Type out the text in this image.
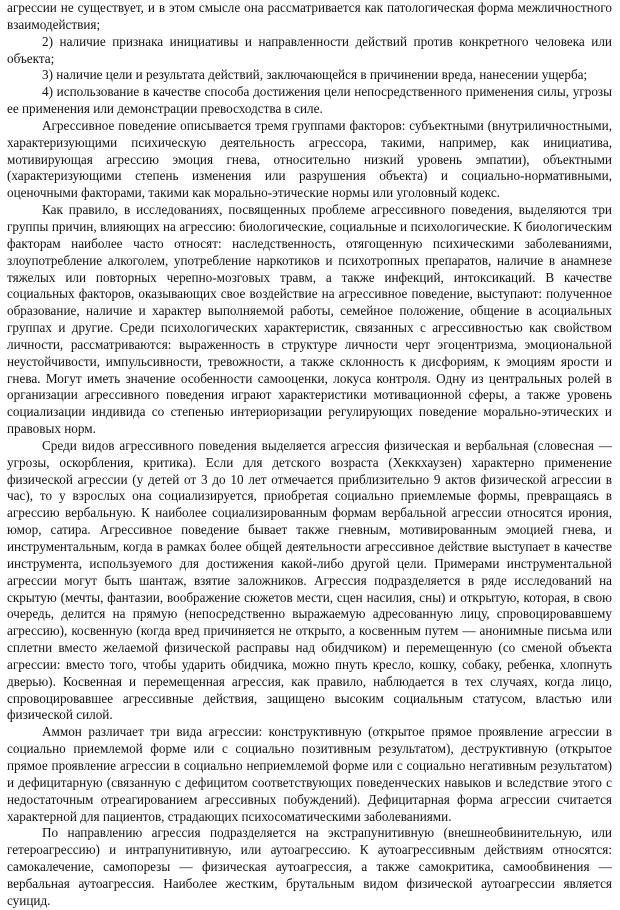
агрессии не существует, и в этом смысле она рассматривается как патологическая форма межличностного взаимодействия;

2) наличие признака инициативы и направленности действий против конкретного человека или объекта;

3) наличие цели и результата действий, заключающейся в причинении вреда, нанесении ущерба;

4) использование в качестве способа достижения цели непосредственного применения силы, угрозы ее применения или демонстрации превосходства в силе.

Агрессивное поведение описывается тремя группами факторов: субъектными (внутриличностными, характеризующими психическую деятельность агрессора, такими, например, как инициатива, мотивирующая агрессию эмоция гнева, относительно низкий уровень эмпатии), объектными (характеризующими степень изменения или разрушения объекта) и социально-нормативными, оценочными факторами, такими как морально-этические нормы или уголовный кодекс.

Как правило, в исследованиях, посвященных проблеме агрессивного поведения, выделяются три группы причин, влияющих на агрессию: биологические, социальные и психологические. К биологическим факторам наиболее часто относят: наследственность, отягощенную психическими заболеваниями, злоупотребление алкоголем, употребление наркотиков и психотропных препаратов, наличие в анамнезе тяжелых или повторных черепно-мозговых травм, а также инфекций, интоксикаций. В качестве социальных факторов, оказывающих свое воздействие на агрессивное поведение, выступают: полученное образование, наличие и характер выполняемой работы, семейное положение, общение в асоциальных группах и другие. Среди психологических характеристик, связанных с агрессивностью как свойством личности, рассматриваются: выраженность в структуре личности черт эгоцентризма, эмоциональной неустойчивости, импульсивности, тревожности, а также склонность к дисфориям, к эмоциям ярости и гнева. Могут иметь значение особенности самооценки, локуса контроля. Одну из центральных ролей в организации агрессивного поведения играют характеристики мотивационной сферы, а также уровень социализации индивида со степенью интериоризации регулирующих поведение морально-этических и правовых норм.

Среди видов агрессивного поведения выделяется агрессия физическая и вербальная (словесная — угрозы, оскорбления, критика). Если для детского возраста (Хеккхаузен) характерно применение физической агрессии (у детей от 3 до 10 лет отмечается приблизительно 9 актов физической агрессии в час), то у взрослых она социализируется, приобретая социально приемлемые формы, превращаясь в агрессию вербальную. К наиболее социализированным формам вербальной агрессии относятся ирония, юмор, сатира. Агрессивное поведение бывает также гневным, мотивированным эмоцией гнева, и инструментальным, когда в рамках более общей деятельности агрессивное действие выступает в качестве инструмента, используемого для достижения какой-либо другой цели. Примерами инструментальной агрессии могут быть шантаж, взятие заложников. Агрессия подразделяется в ряде исследований на скрытую (мечты, фантазии, воображение сюжетов мести, сцен насилия, сны) и открытую, которая, в свою очередь, делится на прямую (непосредственно выражаемую адресованную лицу, спровоцировавшему агрессию), косвенную (когда вред причиняется не открыто, а косвенным путем — анонимные письма или сплетни вместо желаемой физической расправы над обидчиком) и перемещенную (со сменой объекта агрессии: вместо того, чтобы ударить обидчика, можно пнуть кресло, кошку, собаку, ребенка, хлопнуть дверью). Косвенная и перемещенная агрессия, как правило, наблюдается в тех случаях, когда лицо, спровоцировавшее агрессивные действия, защищено высоким социальным статусом, властью или физической силой.

Аммон различает три вида агрессии: конструктивную (открытое прямое проявление агрессии в социально приемлемой форме или с социально позитивным результатом), деструктивную (открытое прямое проявление агрессии в социально неприемлемой форме или с социально негативным результатом) и дефицитарную (связанную с дефицитом соответствующих поведенческих навыков и вследствие этого с недостаточным отреагированием агрессивных побуждений). Дефицитарная форма агрессии считается характерной для пациентов, страдающих психосоматическими заболеваниями.

По направлению агрессия подразделяется на экстрапунитивную (внешнеобвинительную, или гетероагрессию) и интрапунитивную, или аутоагрессию. К аутоагрессивным действиям относятся: самокалечение, самопорезы — физическая аутоагрессия, а также самокритика, самообвинения — вербальная аутоагрессия. Наиболее жестким, брутальным видом физической аутоагрессии является суицид.
